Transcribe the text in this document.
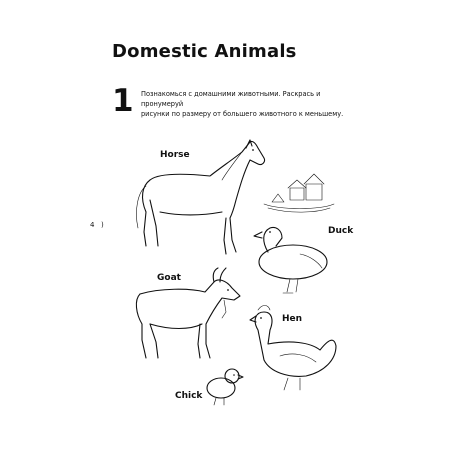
Domestic Animals
1 Познакомься с домашними животными. Раскрась и пронумеруй
рисунки по размеру от большего животного к меньшему.
4 )
Horse
Duck
Goat
Hen
Chick
